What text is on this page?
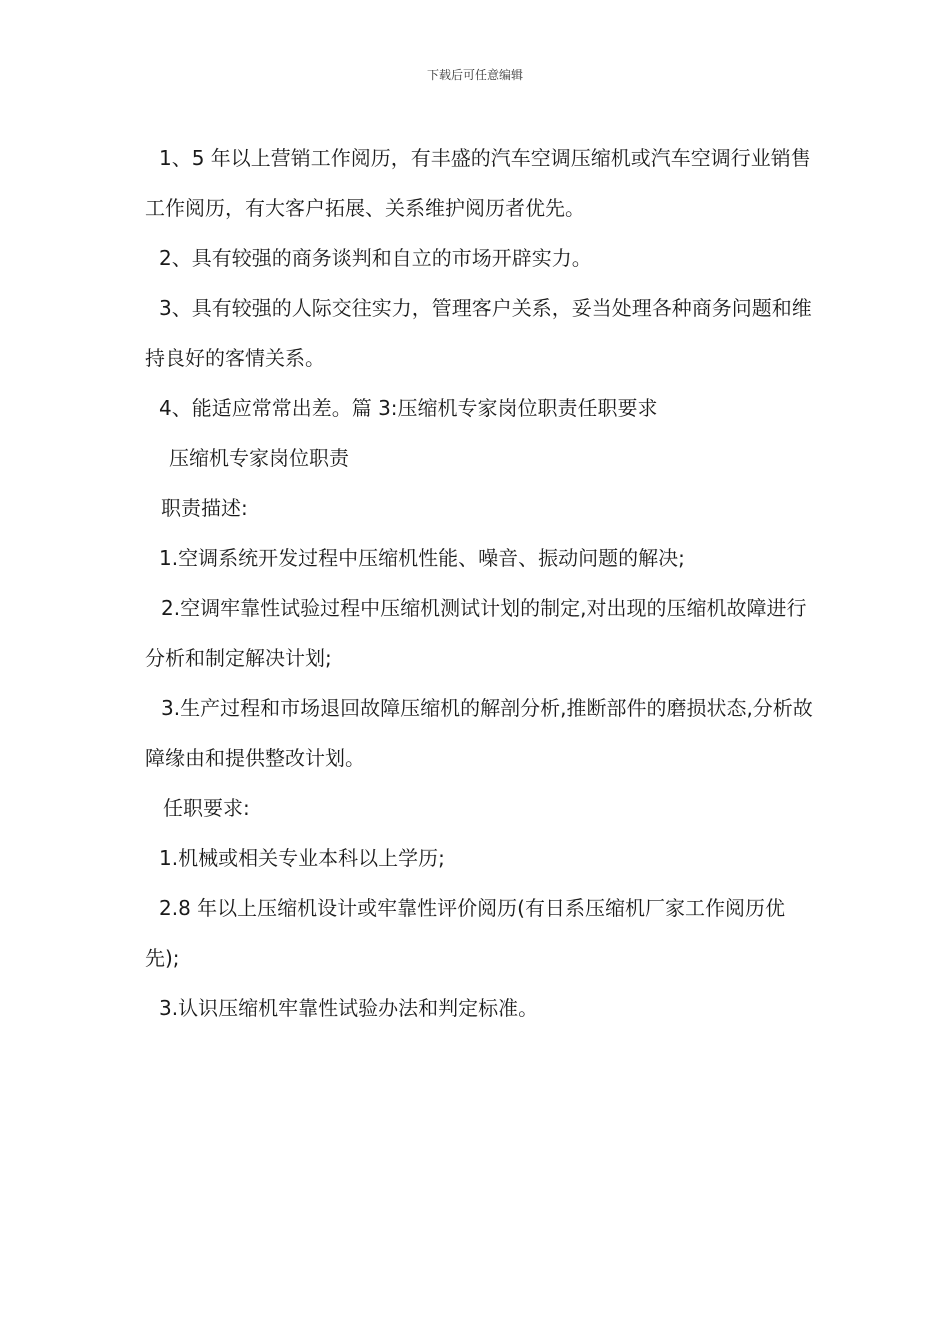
下载后可任意编辑

1、5 年以上营销工作阅历，有丰盛的汽车空调压缩机或汽车空调行业销售工作阅历，有大客户拓展、关系维护阅历者优先。

2、具有较强的商务谈判和自立的市场开辟实力。

3、具有较强的人际交往实力，管理客户关系，妥当处理各种商务问题和维持良好的客情关系。

4、能适应常常出差。篇 3:压缩机专家岗位职责任职要求

压缩机专家岗位职责

职责描述:

1.空调系统开发过程中压缩机性能、噪音、振动问题的解决;

2.空调牢靠性试验过程中压缩机测试计划的制定,对出现的压缩机故障进行分析和制定解决计划;

3.生产过程和市场退回故障压缩机的解剖分析,推断部件的磨损状态,分析故障缘由和提供整改计划。

任职要求:

1.机械或相关专业本科以上学历;

2.8 年以上压缩机设计或牢靠性评价阅历(有日系压缩机厂家工作阅历优先);

3.认识压缩机牢靠性试验办法和判定标准。
